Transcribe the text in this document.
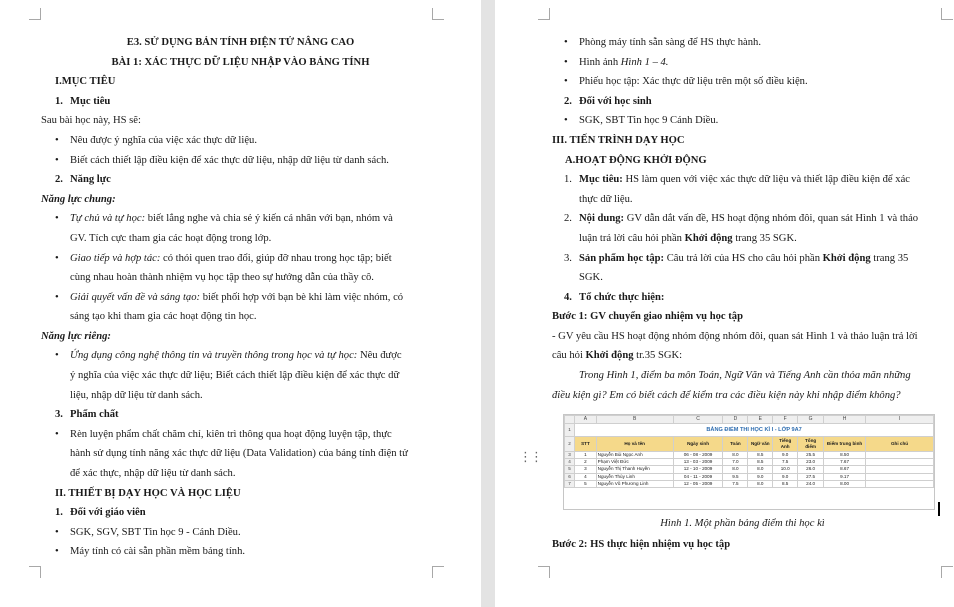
E3. SỬ DỤNG BẢN TÍNH ĐIỆN TỬ NÂNG CAO
BÀI 1: XÁC THỰC DỮ LIỆU NHẬP VÀO BẢNG TÍNH
I.MỤC TIÊU
1. Mục tiêu
Sau bài học này, HS sẽ:
• Nêu được ý nghĩa của việc xác thực dữ liệu.
• Biết cách thiết lập điều kiện để xác thực dữ liệu, nhập dữ liệu từ danh sách.
2. Năng lực
Năng lực chung:
• Tự chủ và tự học: biết lắng nghe và chia sẻ ý kiến cá nhân với bạn, nhóm và
GV. Tích cực tham gia các hoạt động trong lớp.
• Giao tiếp và hợp tác: có thói quen trao đổi, giúp đỡ nhau trong học tập; biết
cùng nhau hoàn thành nhiệm vụ học tập theo sự hướng dẫn của thầy cô.
• Giải quyết vấn đề và sáng tạo: biết phối hợp với bạn bè khi làm việc nhóm, có
sáng tạo khi tham gia các hoạt động tin học.
Năng lực riêng:
• Ứng dụng công nghệ thông tin và truyền thông trong học và tự học: Nêu được
ý nghĩa của việc xác thực dữ liệu; Biết cách thiết lập điều kiện để xác thực dữ
liệu, nhập dữ liệu từ danh sách.
3. Phẩm chất
• Rèn luyện phẩm chất chăm chỉ, kiên trì thông qua hoạt động luyện tập, thực
hành sử dụng tính năng xác thực dữ liệu (Data Validation) của bảng tính điện tử
để xác thực, nhập dữ liệu từ danh sách.
II. THIẾT BỊ DẠY HỌC VÀ HỌC LIỆU
1. Đối với giáo viên
• SGK, SGV, SBT Tin học 9 - Cánh Diều.
• Máy tính có cài sẵn phần mềm bảng tính.
• Phòng máy tính sẵn sàng để HS thực hành.
• Hình ảnh Hình 1 – 4.
• Phiếu học tập: Xác thực dữ liệu trên một số điều kiện.
2. Đối với học sinh
• SGK, SBT Tin học 9 Cánh Diều.
III. TIẾN TRÌNH DẠY HỌC
A.HOẠT ĐỘNG KHỞI ĐỘNG
1. Mục tiêu: HS làm quen với việc xác thực dữ liệu và thiết lập điều kiện để xác
thực dữ liệu.
2. Nội dung: GV dẫn dắt vấn đề, HS hoạt động nhóm đôi, quan sát Hình 1 và thảo
luận trả lời câu hỏi phần Khởi động trang 35 SGK.
3. Sản phẩm học tập: Câu trả lời của HS cho câu hỏi phần Khởi động trang 35
SGK.
4. Tổ chức thực hiện:
Bước 1: GV chuyển giao nhiệm vụ học tập
- GV yêu cầu HS hoạt động nhóm động nhóm đôi, quan sát Hình 1 và thảo luận trả lời
câu hỏi Khởi động tr.35 SGK:
Trong Hình 1, điểm ba môn Toán, Ngữ Văn và Tiếng Anh cần thỏa mãn những
điều kiện gì? Em có biết cách để kiểm tra các điều kiện này khi nhập điểm không?
Hình 1. Một phần bảng điểm thi học kì
Bước 2: HS thực hiện nhiệm vụ học tập
	A	B	C	D	E	F	G	H	I
1	BẢNG ĐIỂM THI HỌC KÌ I - LỚP 9A7								
2	STT	Họ và tên	Ngày sinh	Toán	Ngữ văn	Tiếng Anh	Tổng điểm	Điểm trung bình	Ghi chú
3	1	Nguyễn Bùi Ngọc Anh	06 - 08 - 2009	8.0	8.5	9.0	25.5	8.50	
4	2	Phạm Việt Đức	13 - 03 - 2009	7.0	8.5	7.5	23.0	7.67	
5	3	Nguyễn Thị Thanh Huyền	12 - 10 - 2009	8.0	8.0	10.0	26.0	8.67	
6	4	Nguyễn Thùy Linh	04 - 11 - 2009	9.5	9.0	9.0	27.5	9.17	
7	5	Nguyễn Vũ Phương Linh	12 - 05 - 2009	7.5	8.0	8.5	24.0	8.00	
⋮⋮
